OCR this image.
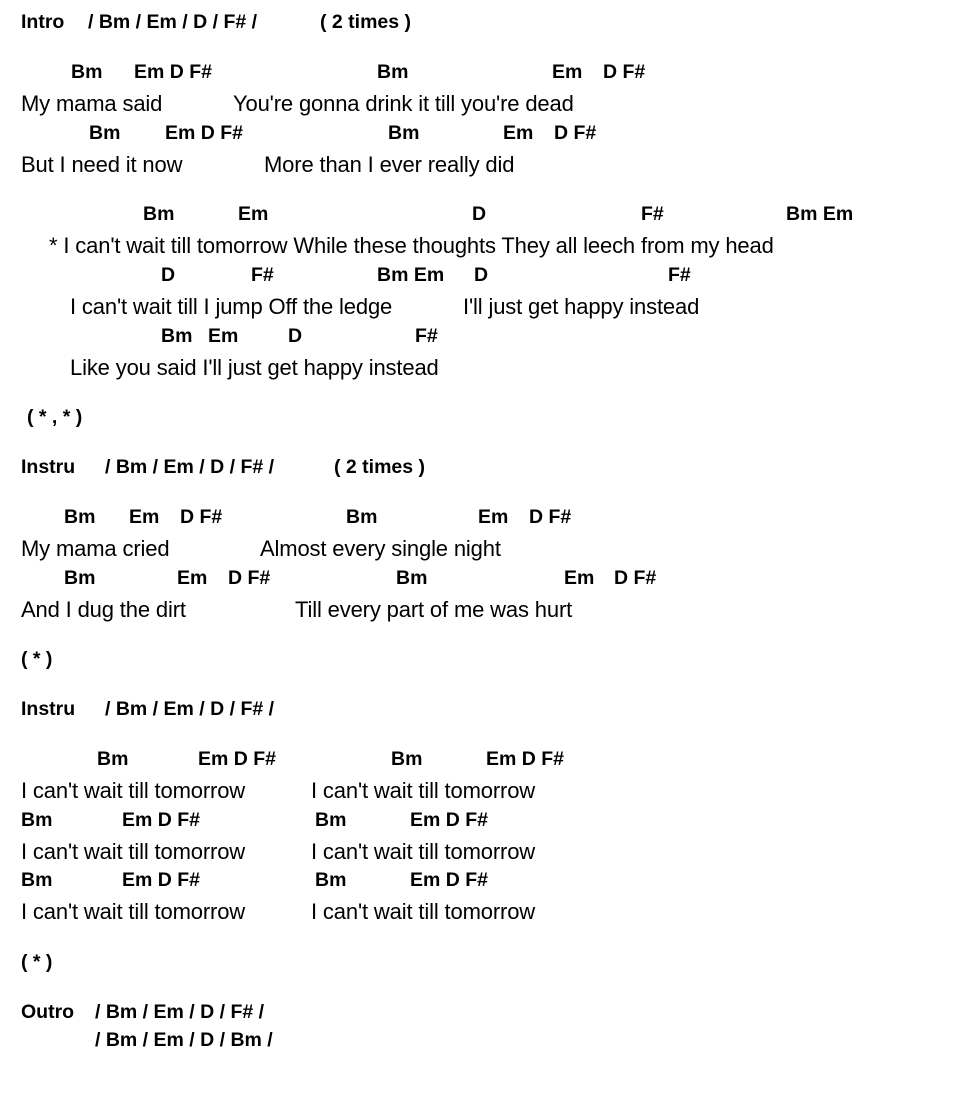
Intro / Bm / Em / D / F# /	( 2 times )
Bm Em D F#	Bm	Em D F#
My mama said	You're gonna drink it till you're dead
Bm Em D F#	Bm	Em D F#
But I need it now	More than I ever really did
Bm	Em	D	F#	Bm Em
* I can't wait till tomorrow While these thoughts They all leech from my head
D	F#	Bm Em D	F#
I can't wait till I jump Off the ledge	I'll just get happy instead
Bm Em	D	F#
Like you said I'll just get happy instead
( * , * )
Instru / Bm / Em / D / F# /	( 2 times )
Bm Em D F#	Bm	Em D F#
My mama cried	Almost every single night
Bm	Em D F#	Bm	Em D F#
And I dug the dirt	Till every part of me was hurt
( * )
Instru / Bm / Em / D / F# /
Bm	Em D F#	Bm	Em D F#
I can't wait till tomorrow	I can't wait till tomorrow
Bm	Em D F#	Bm	Em D F#
I can't wait till tomorrow	I can't wait till tomorrow
Bm	Em D F#	Bm	Em D F#
I can't wait till tomorrow	I can't wait till tomorrow
( * )
Outro / Bm / Em / D / F# /
/ Bm / Em / D / Bm /
